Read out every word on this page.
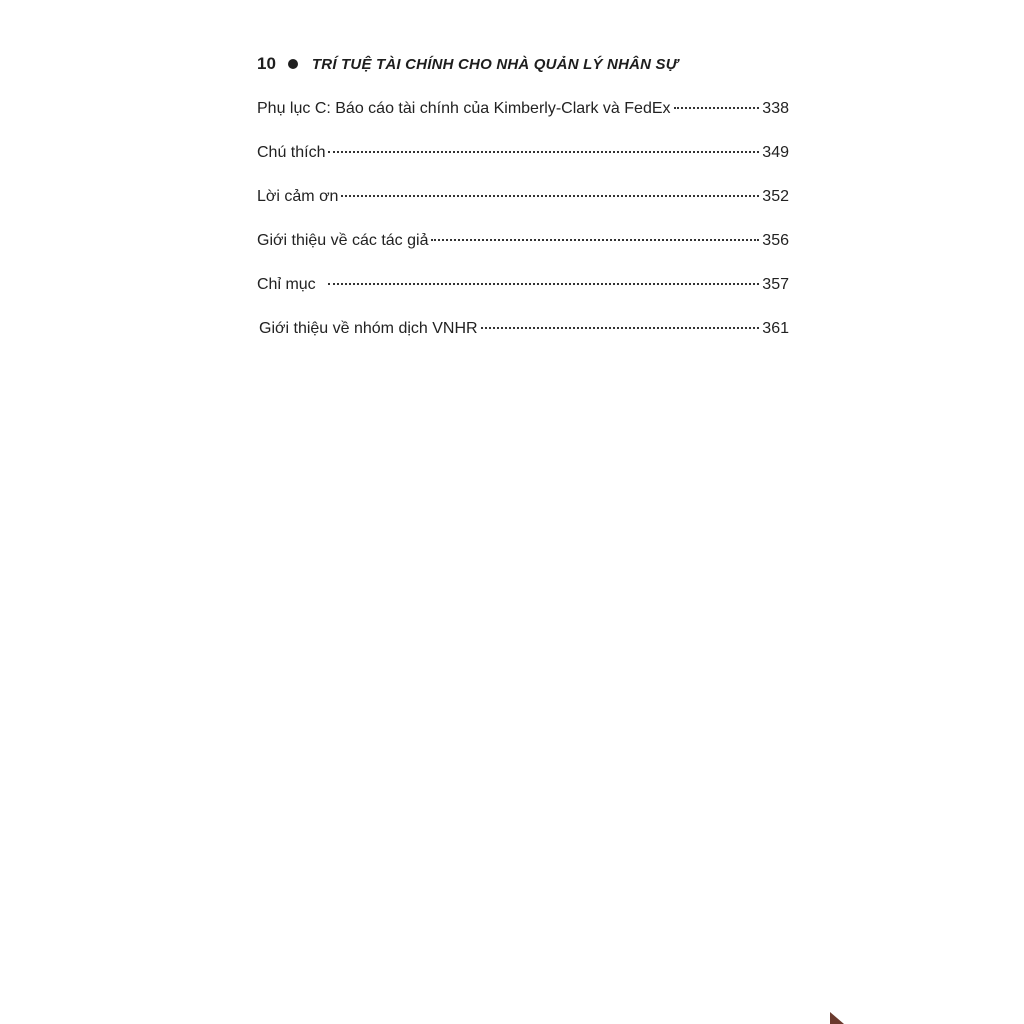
10 TRÍ TUỆ TÀI CHÍNH CHO NHÀ QUẢN LÝ NHÂN SỰ
Phụ lục C: Báo cáo tài chính của Kimberly-Clark và FedEx	338
Chú thích	349
Lời cảm ơn	352
Giới thiệu về các tác giả	356
Chỉ mục	357
Giới thiệu về nhóm dịch VNHR	361
